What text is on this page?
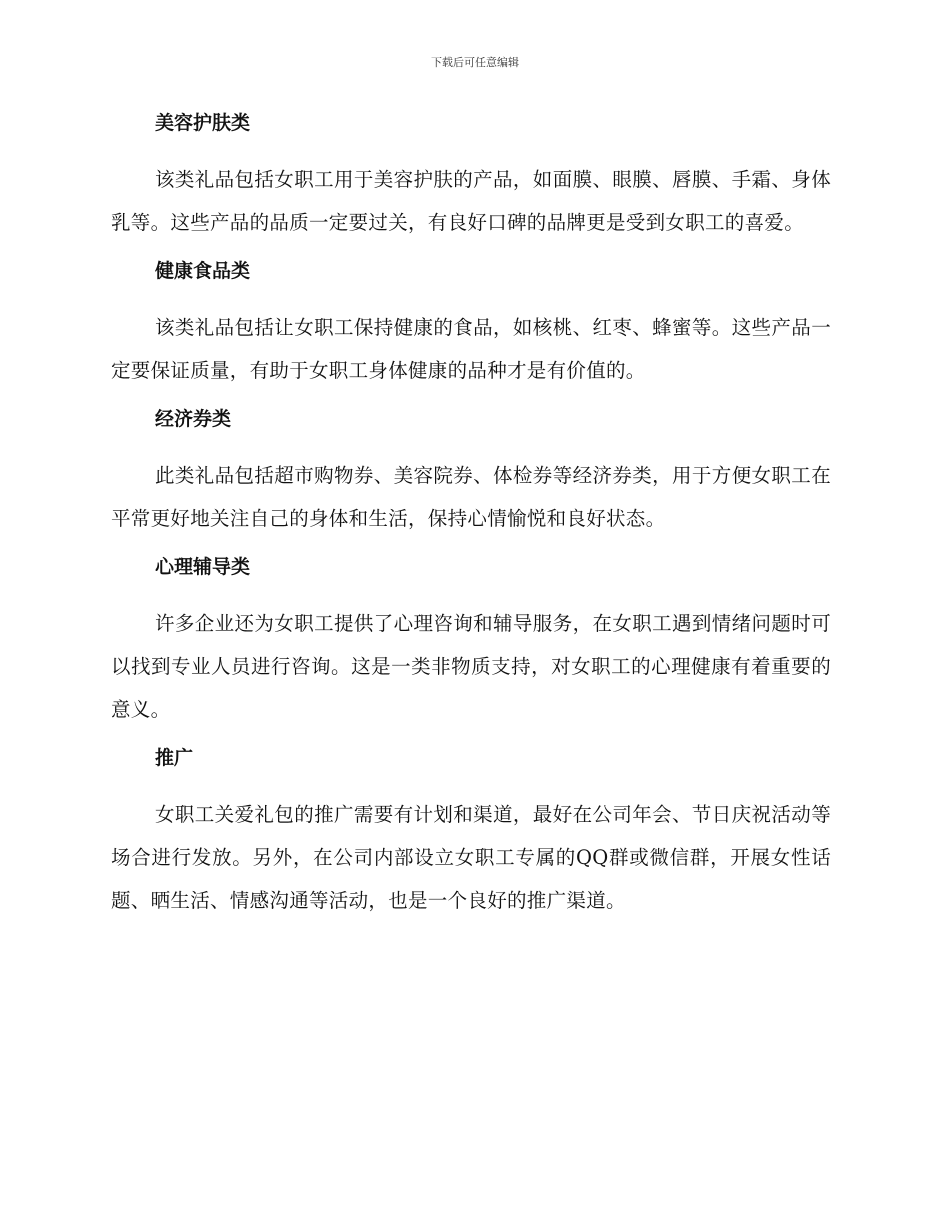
下载后可任意编辑
美容护肤类

该类礼品包括女职工用于美容护肤的产品，如面膜、眼膜、唇膜、手霜、身体乳等。这些产品的品质一定要过关，有良好口碑的品牌更是受到女职工的喜爱。

健康食品类

该类礼品包括让女职工保持健康的食品，如核桃、红枣、蜂蜜等。这些产品一定要保证质量，有助于女职工身体健康的品种才是有价值的。

经济券类

此类礼品包括超市购物券、美容院券、体检券等经济券类，用于方便女职工在平常更好地关注自己的身体和生活，保持心情愉悦和良好状态。

心理辅导类

许多企业还为女职工提供了心理咨询和辅导服务，在女职工遇到情绪问题时可以找到专业人员进行咨询。这是一类非物质支持，对女职工的心理健康有着重要的意义。

推广

女职工关爱礼包的推广需要有计划和渠道，最好在公司年会、节日庆祝活动等场合进行发放。另外，在公司内部设立女职工专属的QQ群或微信群，开展女性话题、晒生活、情感沟通等活动，也是一个良好的推广渠道。
